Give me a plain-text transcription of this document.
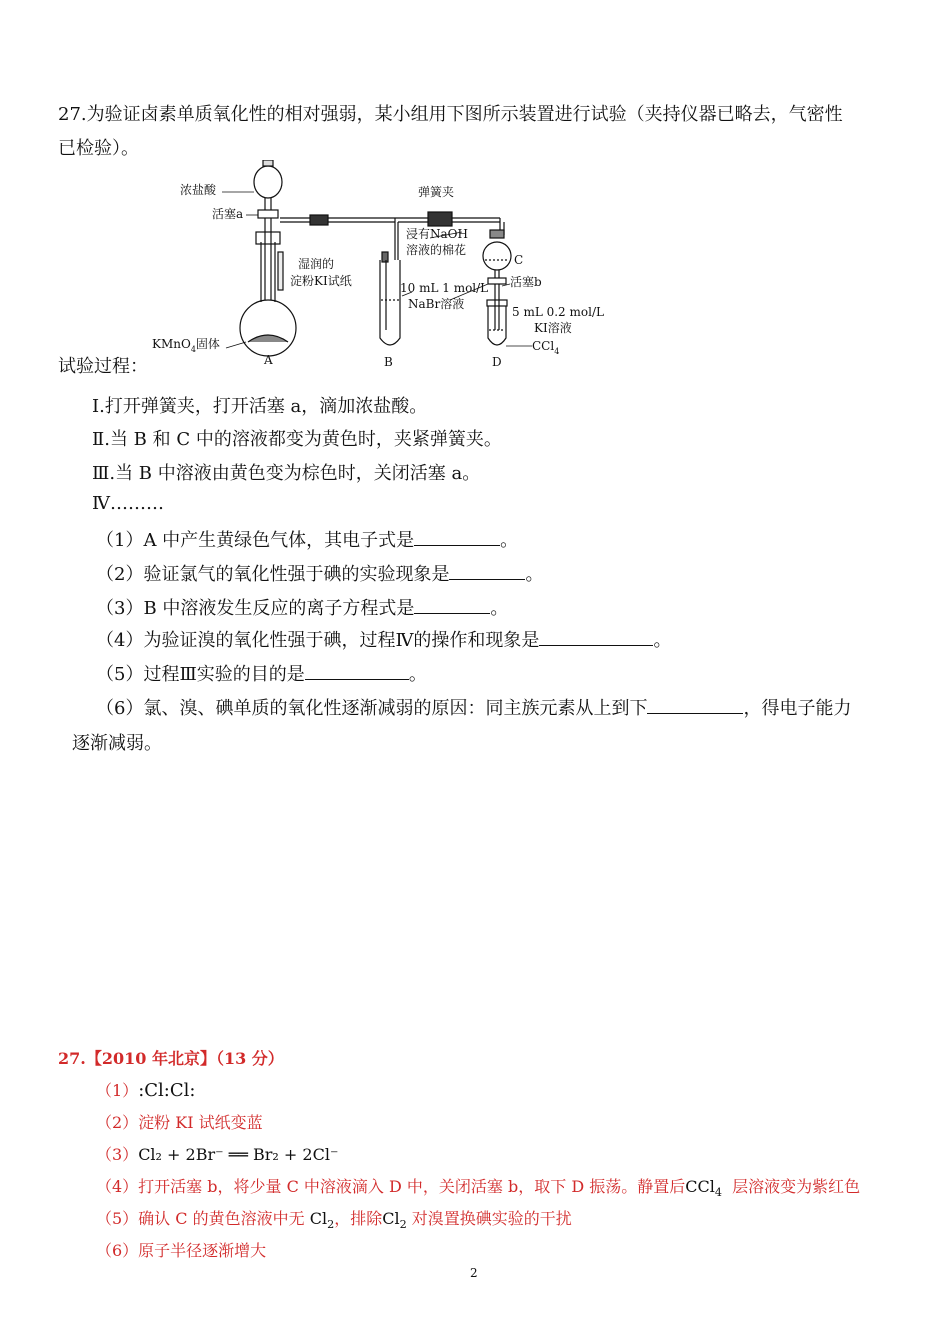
27.为验证卤素单质氧化性的相对强弱，某小组用下图所示装置进行试验（夹持仪器已略去，气密性
已检验）。
浓盐酸
活塞a
弹簧夹
浸有NaOH
溶液的棉花
湿润的
淀粉KI试纸
C
10 mL 1 mol/L
NaBr溶液
活塞b
5 mL 0.2 mol/L
KI溶液
CCl$_4$
KMnO$_4$固体
A	B	D
试验过程：
Ⅰ.打开弹簧夹，打开活塞 a，滴加浓盐酸。
Ⅱ.当 B 和 C 中的溶液都变为黄色时，夹紧弹簧夹。
Ⅲ.当 B 中溶液由黄色变为棕色时，关闭活塞 a。
Ⅳ………
（1）A 中产生黄绿色气体，其电子式是	。
（2）验证氯气的氧化性强于碘的实验现象是	。
（3）B 中溶液发生反应的离子方程式是	。
（4）为验证溴的氧化性强于碘，过程Ⅳ的操作和现象是	。
（5）过程Ⅲ实验的目的是	。
（6）氯、溴、碘单质的氧化性逐渐减弱的原因：同主族元素从上到下	，得电子能力
逐渐减弱。
27.【2010 年北京】（13 分）
（1）:Cl:Cl:
（2）淀粉 KI 试纸变蓝
（3）Cl₂ + 2Br⁻ ══ Br₂ + 2Cl⁻
（4）打开活塞 b，将少量 C 中溶液滴入 D 中，关闭活塞 b，取下 D 振荡。静置后CCl$_4$ 层溶液变为紫红色
（5）确认 C 的黄色溶液中无 $Cl_2$，排除$Cl_2$ 对溴置换碘实验的干扰
（6）原子半径逐渐增大
2
